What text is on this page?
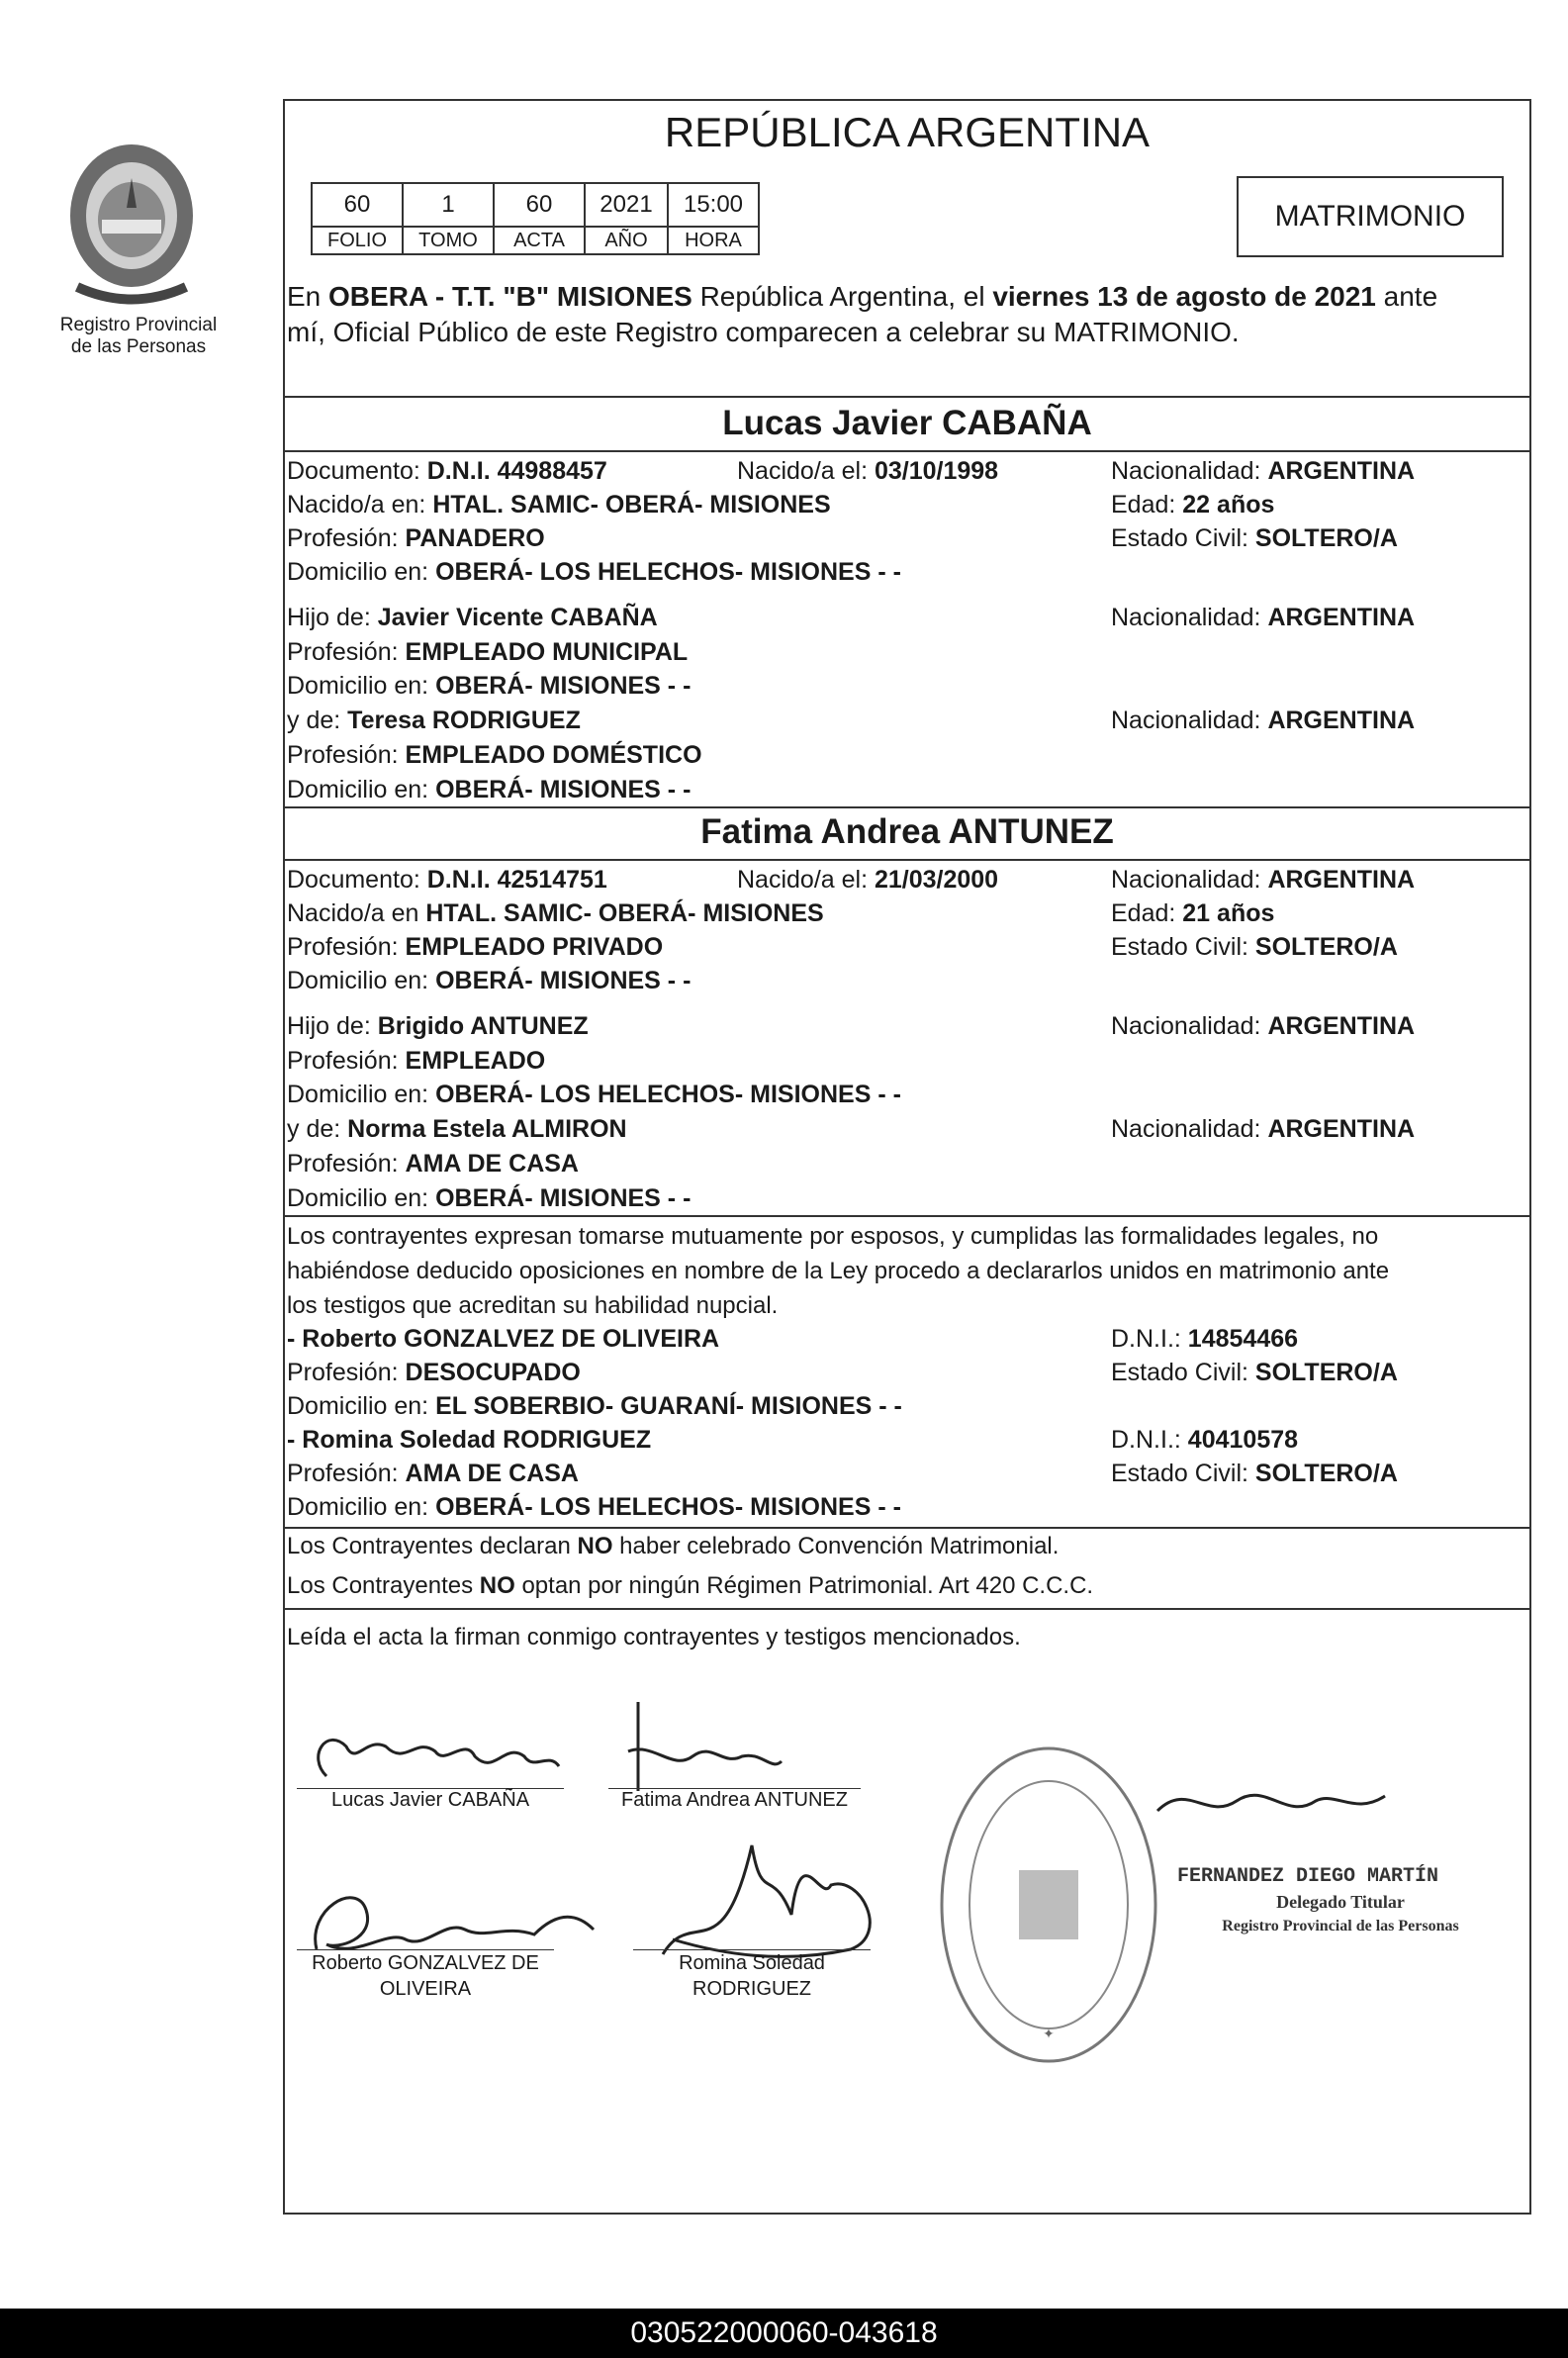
Registro Provincial
de las Personas
REPÚBLICA ARGENTINA
60	1	60	2021	15:00
FOLIO	TOMO	ACTA	AÑO	HORA
MATRIMONIO
En OBERA - T.T. "B" MISIONES República Argentina, el viernes 13 de agosto de 2021 ante
mí, Oficial Público de este Registro comparecen a celebrar su MATRIMONIO.
Lucas Javier CABAÑA
Documento: D.N.I. 44988457	Nacido/a el: 03/10/1998	Nacionalidad: ARGENTINA
Nacido/a en: HTAL. SAMIC- OBERÁ- MISIONES	Edad: 22 años
Profesión: PANADERO	Estado Civil: SOLTERO/A
Domicilio en: OBERÁ- LOS HELECHOS- MISIONES - -
Hijo de: Javier Vicente CABAÑA	Nacionalidad: ARGENTINA
Profesión: EMPLEADO MUNICIPAL
Domicilio en: OBERÁ- MISIONES - -
y de: Teresa RODRIGUEZ	Nacionalidad: ARGENTINA
Profesión: EMPLEADO DOMÉSTICO
Domicilio en: OBERÁ- MISIONES - -
Fatima Andrea ANTUNEZ
Documento: D.N.I. 42514751	Nacido/a el: 21/03/2000	Nacionalidad: ARGENTINA
Nacido/a en HTAL. SAMIC- OBERÁ- MISIONES	Edad: 21 años
Profesión: EMPLEADO PRIVADO	Estado Civil: SOLTERO/A
Domicilio en: OBERÁ- MISIONES - -
Hijo de: Brigido ANTUNEZ	Nacionalidad: ARGENTINA
Profesión: EMPLEADO
Domicilio en: OBERÁ- LOS HELECHOS- MISIONES - -
y de: Norma Estela ALMIRON	Nacionalidad: ARGENTINA
Profesión: AMA DE CASA
Domicilio en: OBERÁ- MISIONES - -
Los contrayentes expresan tomarse mutuamente por esposos, y cumplidas las formalidades legales, no
habiéndose deducido oposiciones en nombre de la Ley procedo a declararlos unidos en matrimonio ante
los testigos que acreditan su habilidad nupcial.
- Roberto GONZALVEZ DE OLIVEIRA	D.N.I.: 14854466
Profesión: DESOCUPADO	Estado Civil: SOLTERO/A
Domicilio en: EL SOBERBIO- GUARANÍ- MISIONES - -
- Romina Soledad RODRIGUEZ	D.N.I.: 40410578
Profesión: AMA DE CASA	Estado Civil: SOLTERO/A
Domicilio en: OBERÁ- LOS HELECHOS- MISIONES - -
Los Contrayentes declaran NO haber celebrado Convención Matrimonial.
Los Contrayentes NO optan por ningún Régimen Patrimonial. Art 420 C.C.C.
Leída el acta la firman conmigo contrayentes y testigos mencionados.
Lucas Javier CABAÑA	Fatima Andrea ANTUNEZ
Roberto GONZALVEZ DE
OLIVEIRA
Romina Soledad
RODRIGUEZ
✦
FERNANDEZ DIEGO MARTÍN
Delegado Titular
Registro Provincial de las Personas
030522000060-043618
